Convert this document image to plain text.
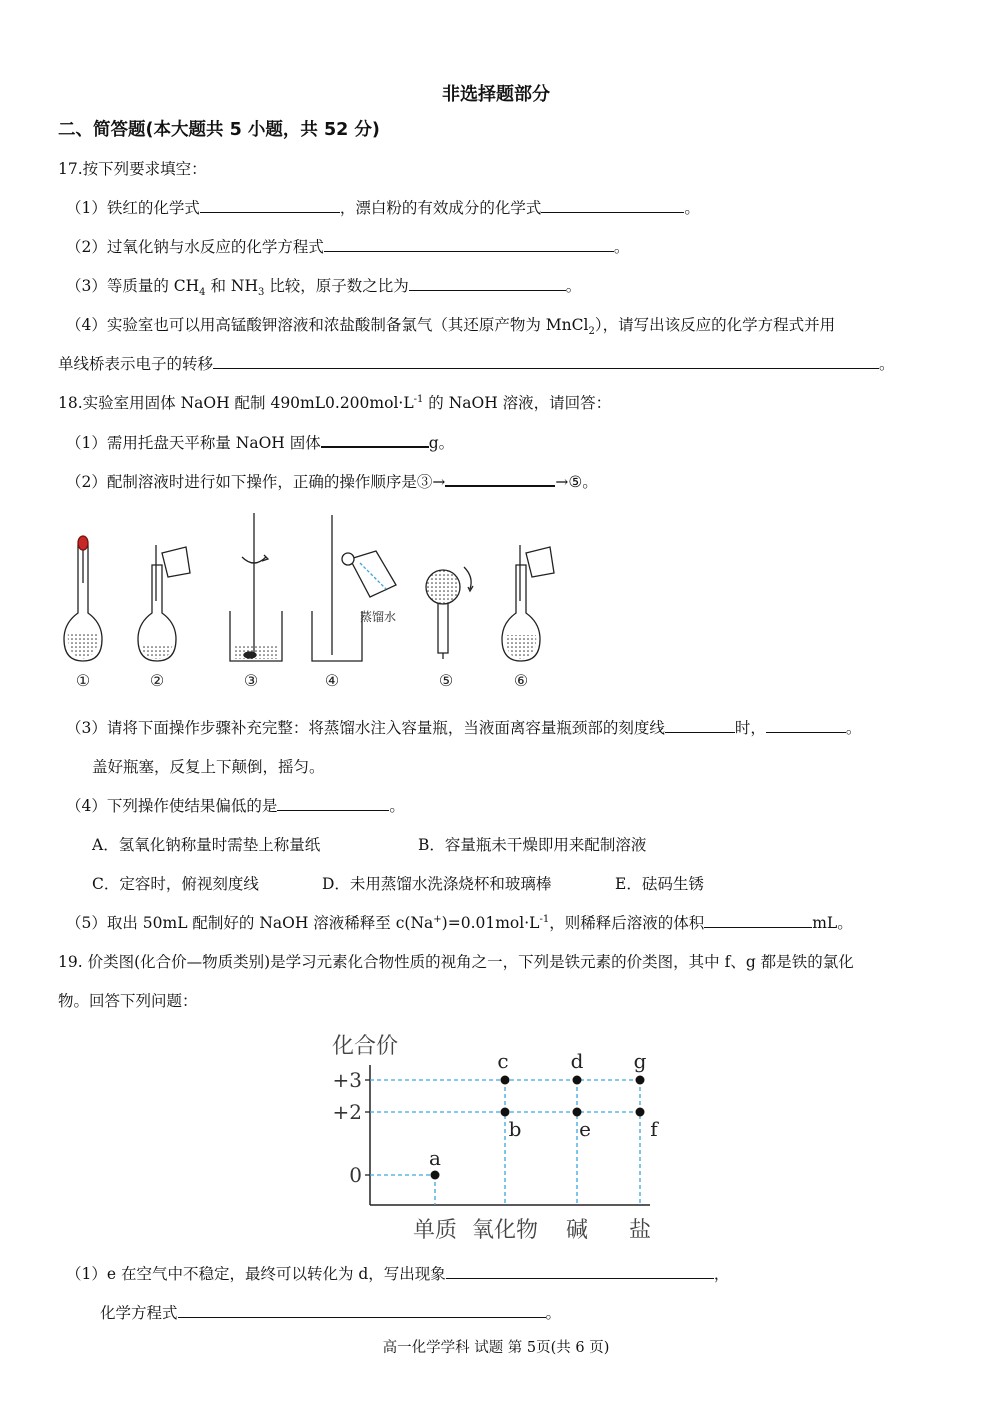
非选择题部分
二、简答题(本大题共 5 小题，共 52 分)
17.按下列要求填空：
（1）铁红的化学式	，漂白粉的有效成分的化学式	。
（2）过氧化钠与水反应的化学方程式	。
（3）等质量的 $CH_4$ 和 $NH_3$ 比较，原子数之比为	。
（4）实验室也可以用高锰酸钾溶液和浓盐酸制备氯气（其还原产物为 MnCl$_2$），请写出该反应的化学方程式并用
单线桥表示电子的转移	。
18.实验室用固体 NaOH 配制 $490mL0.200mol\cdot L^{-1}$ 的 NaOH 溶液，请回答：
（1）需用托盘天平称量 NaOH 固体	g。
（2）配制溶液时进行如下操作，正确的操作顺序是③→	→⑤。
蒸馏水
①	②	③	④	⑤	⑥
（3）请将下面操作步骤补充完整：将蒸馏水注入容量瓶，当液面离容量瓶颈部的刻度线	时，	。
盖好瓶塞，反复上下颠倒，摇匀。
（4）下列操作使结果偏低的是	。
A．氢氧化钠称量时需垫上称量纸	B．容量瓶未干燥即用来配制溶液
C．定容时，俯视刻度线	D．未用蒸馏水洗涤烧杯和玻璃棒	E．砝码生锈
（5）取出 50mL 配制好的 NaOH 溶液稀释至 $c(Na^+)=0.01mol\cdot L^{-1}$，则稀释后溶液的体积	mL。
19. 价类图(化合价—物质类别)是学习元素化合物性质的视角之一，下列是铁元素的价类图，其中 f、g 都是铁的氯化
物。回答下列问题：
化合价
0
+2
+3
单质 氧化物 碱 盐
a
b
c
e
d
f
g
（1）e 在空气中不稳定，最终可以转化为 d，写出现象	，
化学方程式	。
高一化学学科 试题 第 5页(共 6 页)
